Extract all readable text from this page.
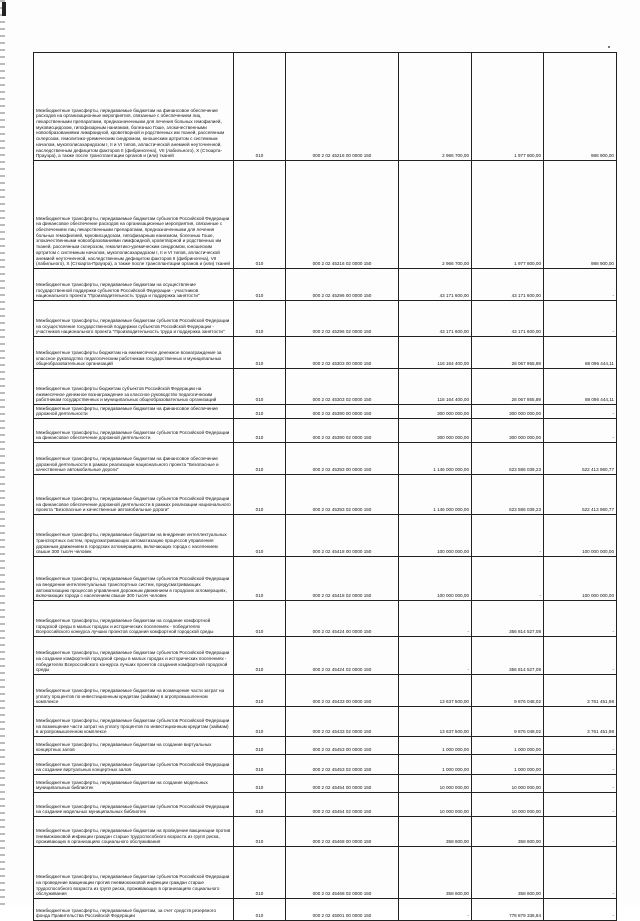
Межбюджетные трансферты, передаваемые бюджетам на финансовое обеспечение расходов на организационные мероприятия, связанные с обеспечением лиц лекарственными препаратами, предназначенными для лечения больных гемофилией, муковисцидозом, гипофизарным нанизмом, болезнью Гоше, злокачественными новообразованиями лимфоидной, кроветворной и родственных им тканей, рассеянным склерозом, гемолитико-уремическим синдромом, юношеским артритом с системным началом, мукополисахаридозом I, II и VI типов, апластической анемией неуточненной, наследственным дефицитом факторов II (фибриногена), VII (лабильного), X (Стюарта-Прауэра), а также после трансплантации органов и (или) тканей	010	000 2 02 45216 00 0000 150	2 966 700,00	1 977 800,00	988 900,00

Межбюджетные трансферты, передаваемые бюджетам субъектов Российской Федерации на финансовое обеспечение расходов на организационные мероприятия, связанные с обеспечением лиц лекарственными препаратами, предназначенными для лечения больных гемофилией, муковисцидозом, гипофизарным нанизмом, болезнью Гоше, злокачественными новообразованиями лимфоидной, кроветворной и родственных им тканей, рассеянным склерозом, гемолитико-уремическим синдромом, юношеским артритом с системным началом, мукополисахаридозом I, II и VI типов, апластической анемией неуточненной, наследственным дефицитом факторов II (фибриногена), VII (лабильного), X (Стюарта-Прауэра), а также после трансплантации органов и (или) тканей	010	000 2 02 45216 02 0000 150	2 966 700,00	1 977 800,00	988 900,00

Межбюджетные трансферты, передаваемые бюджетам на осуществление государственной поддержки субъектов Российской Федерации - участников национального проекта "Производительность труда и поддержка занятости"	010	000 2 02 45296 00 0000 150	43 171 600,00	43 171 600,00	-

Межбюджетные трансферты, передаваемые бюджетам субъектов Российской Федерации на осуществление государственной поддержки субъектов Российской Федерации - участников национального проекта "Производительность труда и поддержка занятости"	010	000 2 02 45296 02 0000 150	43 171 600,00	43 171 600,00	-

Межбюджетные трансферты бюджетам на ежемесячное денежное вознаграждение за классное руководство педагогическим работникам государственных и муниципальных общеобразовательных организаций	010	000 2 02 45303 00 0000 150	116 164 400,00	28 067 955,89	88 096 444,11

Межбюджетные трансферты бюджетам субъектов Российской Федерации на ежемесячное денежное вознаграждение за классное руководство педагогическим работникам государственных и муниципальных общеобразовательных организаций	010	000 2 02 45303 02 0000 150	116 164 400,00	28 067 955,89	88 096 444,11

Межбюджетные трансферты, передаваемые бюджетам на финансовое обеспечение дорожной деятельности	010	000 2 02 45390 00 0000 150	300 000 000,00	300 000 000,00	-

Межбюджетные трансферты, передаваемые бюджетам субъектов Российской Федерации на финансовое обеспечение дорожной деятельности	010	000 2 02 45390 02 0000 150	300 000 000,00	300 000 000,00	-

Межбюджетные трансферты, передаваемые бюджетам на финансовое обеспечение дорожной деятельности в рамках реализации национального проекта "Безопасные и качественные автомобильные дороги"	010	000 2 02 45393 00 0000 150	1 146 000 000,00	623 586 039,23	522 413 960,77

Межбюджетные трансферты, передаваемые бюджетам субъектов Российской Федерации на финансовое обеспечение дорожной деятельности в рамках реализации национального проекта "Безопасные и качественные автомобильные дороги"	010	000 2 02 45393 02 0000 150	1 146 000 000,00	623 586 039,23	522 413 960,77

Межбюджетные трансферты, передаваемые бюджетам на внедрение интеллектуальных транспортных систем, предусматривающих автоматизацию процессов управления дорожным движением в городских агломерациях, включающих города с населением свыше 300 тысяч человек	010	000 2 02 45418 00 0000 150	100 000 000,00	-	100 000 000,00

Межбюджетные трансферты, передаваемые бюджетам субъектов Российской Федерации на внедрение интеллектуальных транспортных систем, предусматривающих автоматизацию процессов управления дорожным движением в городских агломерациях, включающих города с населением свыше 300 тысяч человек	010	000 2 02 45418 02 0000 150	100 000 000,00	-	100 000 000,00

Межбюджетные трансферты, передаваемые бюджетам на создание комфортной городской среды в малых городах и исторических поселениях - победителях Всероссийского конкурса лучших проектов создания комфортной городской среды	010	000 2 02 45424 00 0000 150	-	356 814 527,08	-

Межбюджетные трансферты, передаваемые бюджетам субъектов Российской Федерации на создание комфортной городской среды в малых городах и исторических поселениях - победителях Всероссийского конкурса лучших проектов создания комфортной городской среды	010	000 2 02 45424 02 0000 150	-	356 814 527,08	-

Межбюджетные трансферты, передаваемые бюджетам на возмещение части затрат на уплату процентов по инвестиционным кредитам (займам) в агропромышленном комплексе	010	000 2 02 45433 00 0000 150	13 637 500,00	9 876 048,02	3 761 451,98

Межбюджетные трансферты, передаваемые бюджетам субъектов Российской Федерации на возмещение части затрат на уплату процентов по инвестиционным кредитам (займам) в агропромышленном комплексе	010	000 2 02 45433 02 0000 150	13 637 500,00	9 876 048,02	3 761 451,98

Межбюджетные трансферты, передаваемые бюджетам на создание виртуальных концертных залов	010	000 2 02 45453 00 0000 150	1 000 000,00	1 000 000,00	-

Межбюджетные трансферты, передаваемые бюджетам субъектов Российской Федерации на создание виртуальных концертных залов	010	000 2 02 45453 02 0000 150	1 000 000,00	1 000 000,00	-

Межбюджетные трансферты, передаваемые бюджетам на создание модельных муниципальных библиотек	010	000 2 02 45454 00 0000 150	10 000 000,00	10 000 000,00	-

Межбюджетные трансферты, передаваемые бюджетам субъектов Российской Федерации на создание модельных муниципальных библиотек	010	000 2 02 45454 02 0000 150	10 000 000,00	10 000 000,00	-

Межбюджетные трансферты, передаваемые бюджетам на проведение вакцинации против пневмококковой инфекции граждан старше трудоспособного возраста из групп риска, проживающих в организациях социального обслуживания	010	000 2 02 45468 00 0000 150	358 600,00	358 600,00	-

Межбюджетные трансферты, передаваемые бюджетам субъектов Российской Федерации на проведение вакцинации против пневмококковой инфекции граждан старше трудоспособного возраста из групп риска, проживающих в организациях социального обслуживания	010	000 2 02 45468 02 0000 150	358 600,00	358 600,00	-

Межбюджетные трансферты, передаваемые бюджетам, за счет средств резервного фонда Правительства Российской Федерации	010	000 2 02 45001 00 0000 150	-	778 879 336,84	-
